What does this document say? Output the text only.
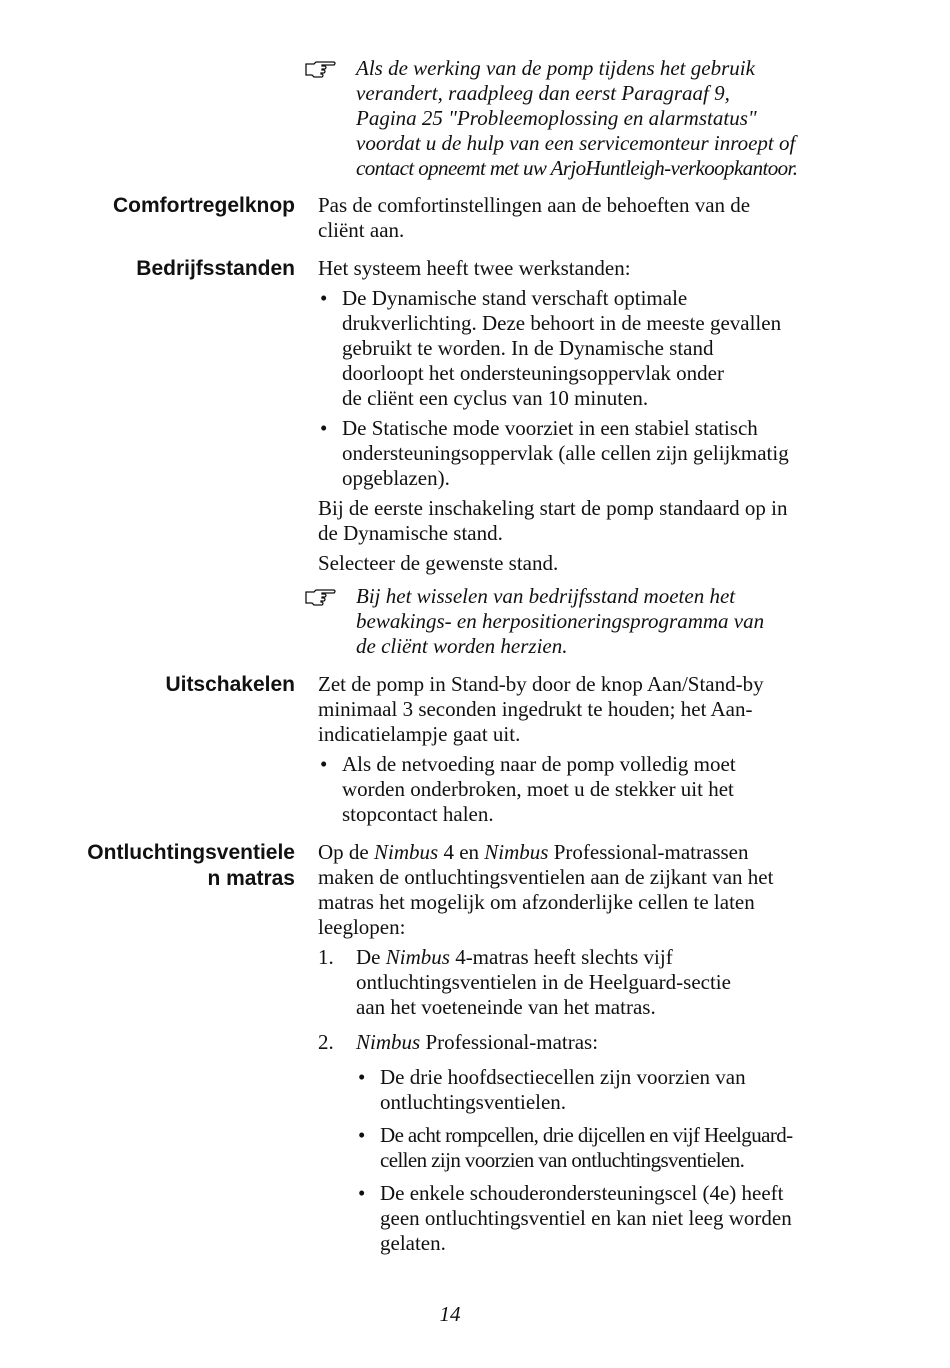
Als de werking van de pomp tijdens het gebruik

verandert, raadpleeg dan eerst Paragraaf 9,

Pagina 25 "Probleemoplossing en alarmstatus"

voordat u de hulp van een servicemonteur inroept of

contact opneemt met uw ArjoHuntleigh-verkoopkantoor.

Comfortregelknop Pas de comfortinstellingen aan de behoeften van de

cliënt aan.

Bedrijfsstanden Het systeem heeft twee werkstanden:

• De Dynamische stand verschaft optimale

drukverlichting. Deze behoort in de meeste gevallen

gebruikt te worden. In de Dynamische stand

doorloopt het ondersteuningsoppervlak onder

de cliënt een cyclus van 10 minuten.

• De Statische mode voorziet in een stabiel statisch

ondersteuningsoppervlak (alle cellen zijn gelijkmatig

opgeblazen).

Bij de eerste inschakeling start de pomp standaard op in

de Dynamische stand.

Selecteer de gewenste stand.

Bij het wisselen van bedrijfsstand moeten het

bewakings- en herpositioneringsprogramma van

de cliënt worden herzien.

Uitschakelen Zet de pomp in Stand-by door de knop Aan/Stand-by

minimaal 3 seconden ingedrukt te houden; het Aan-

indicatielampje gaat uit.

• Als de netvoeding naar de pomp volledig moet

worden onderbroken, moet u de stekker uit het

stopcontact halen.

Ontluchtingsventiele
n matras

Op de Nimbus 4 en Nimbus Professional-matrassen

maken de ontluchtingsventielen aan de zijkant van het

matras het mogelijk om afzonderlijke cellen te laten

leeglopen:

1. De Nimbus 4-matras heeft slechts vijf

ontluchtingsventielen in de Heelguard-sectie

aan het voeteneinde van het matras.

2. Nimbus Professional-matras:

• De drie hoofdsectiecellen zijn voorzien van

ontluchtingsventielen.

• De acht rompcellen, drie dijcellen en vijf Heelguard-

cellen zijn voorzien van ontluchtingsventielen.

• De enkele schouderondersteuningscel (4e) heeft

geen ontluchtingsventiel en kan niet leeg worden

gelaten.

14
